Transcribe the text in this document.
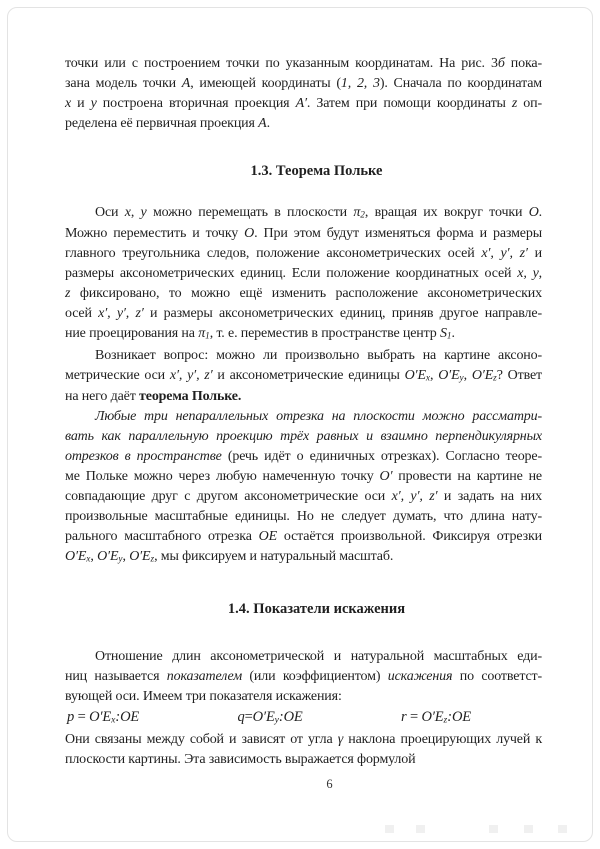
точки или с построением точки по указанным координатам. На рис. 3б пока-
зана модель точки A, имеющей координаты (1, 2, 3). Сначала по координатам
x и y построена вторичная проекция A′. Затем при помощи координаты z оп-
ределена её первичная проекция A.
1.3. Теорема Польке
Оси x, y можно перемещать в плоскости π2, вращая их вокруг точки O.
Можно переместить и точку O. При этом будут изменяться форма и размеры
главного треугольника следов, положение аксонометрических осей x′, y′, z′ и
размеры аксонометрических единиц. Если положение координатных осей x, y,
z фиксировано, то можно ещё изменить расположение аксонометрических
осей x′, y′, z′ и размеры аксонометрических единиц, приняв другое направле-
ние проецирования на π1, т. е. переместив в пространстве центр S1.
Возникает вопрос: можно ли произвольно выбрать на картине аксоно-
метрические оси x′, y′, z′ и аксонометрические единицы O′Ex, O′Ey, O′Ez? Ответ
на него даёт теорема Польке.
Любые три непараллельных отрезка на плоскости можно рассматри-
вать как параллельную проекцию трёх равных и взаимно перпендикулярных
отрезков в пространстве (речь идёт о единичных отрезках). Согласно теоре-
ме Польке можно через любую намеченную точку O′ провести на картине не
совпадающие друг с другом аксонометрические оси x′, y′, z′ и задать на них
произвольные масштабные единицы. Но не следует думать, что длина нату-
рального масштабного отрезка OE остаётся произвольной. Фиксируя отрезки
O′Ex, O′Ey, O′Ez, мы фиксируем и натуральный масштаб.
1.4. Показатели искажения
Отношение длин аксонометрической и натуральной масштабных еди-
ниц называется показателем (или коэффициентом) искажения по соответст-
вующей оси. Имеем три показателя искажения:
p = O′Ex:OE	q=O′Ey:OE	r = O′Ez:OE
Они связаны между собой и зависят от угла γ наклона проецирующих лучей к
плоскости картины. Эта зависимость выражается формулой
6
